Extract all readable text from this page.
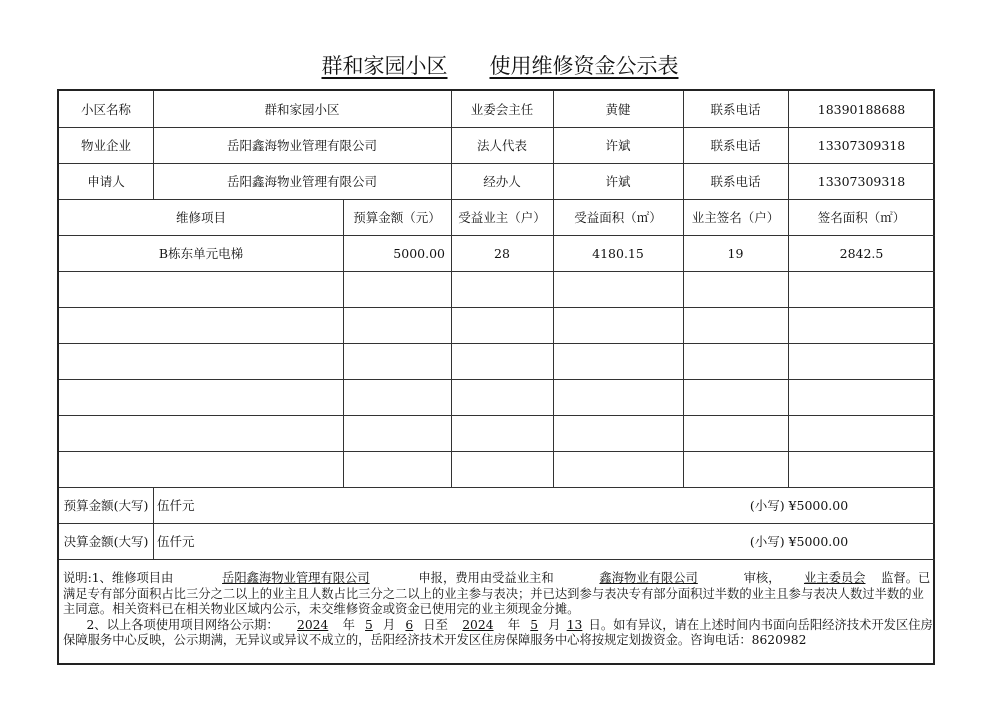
群和家园小区 使用维修资金公示表
小区名称	群和家园小区	业委会主任	黄健	联系电话	18390188688
物业企业	岳阳鑫海物业管理有限公司	法人代表	许斌	联系电话	13307309318
申请人	岳阳鑫海物业管理有限公司	经办人	许斌	联系电话	13307309318
维修项目	预算金额（元）	受益业主（户）	受益面积（㎡）	业主签名（户）	签名面积（㎡）
B栋东单元电梯	5000.00	28	4180.15	19	2842.5
预算金额(大写) 伍仟元	(小写) ¥5000.00
决算金额(大写) 伍仟元	(小写) ¥5000.00

说明:1、维修项目由	岳阳鑫海物业管理有限公司	申报，费用由受益业主和	鑫海物业有限公司	审核， 业主委员会 监督。已满足专有部分面积占比三分之二以上的业主且人数占比三分之二以上的业主参与表决；并已达到参与表决专有部分面积过半数的业主且参与表决人数过半数的业主同意。相关资料已在相关物业区域内公示，未交维修资金或资金已使用完的业主须现金分摊。

2、以上各项使用项目网络公示期： 2024 年 5 月 6 日至 2024 年 5 月 13 日。如有异议，请在上述时间内书面向岳阳经济技术开发区住房保障服务中心反映，公示期满，无异议或异议不成立的，岳阳经济技术开发区住房保障服务中心将按规定划拨资金。咨询电话：8620982
